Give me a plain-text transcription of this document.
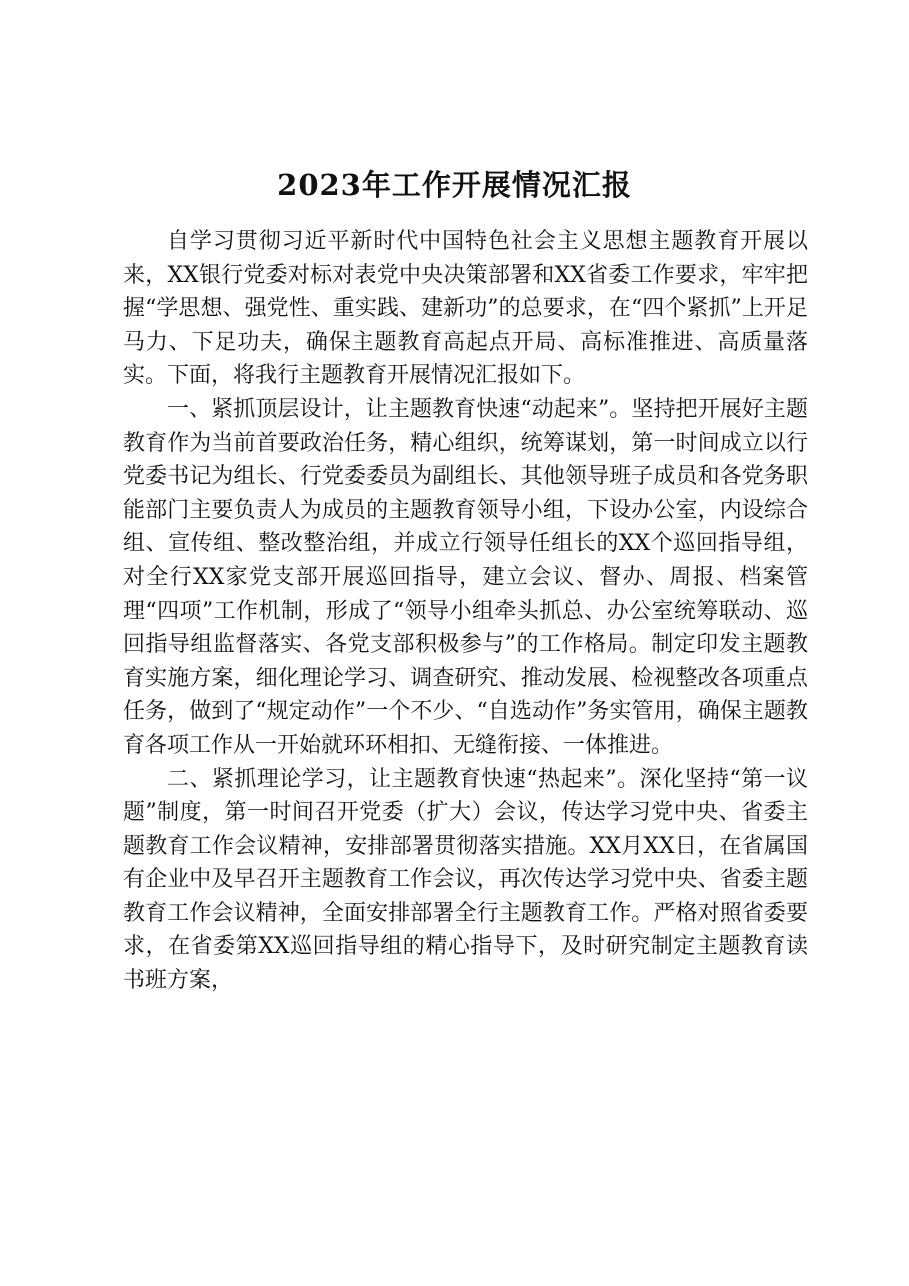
2023年工作开展情况汇报

自学习贯彻习近平新时代中国特色社会主义思想主题教育开展以来，XX银行党委对标对表党中央决策部署和XX省委工作要求，牢牢把握“学思想、强党性、重实践、建新功”的总要求，在“四个紧抓”上开足马力、下足功夫，确保主题教育高起点开局、高标准推进、高质量落实。下面，将我行主题教育开展情况汇报如下。

一、紧抓顶层设计，让主题教育快速“动起来”。坚持把开展好主题教育作为当前首要政治任务，精心组织，统筹谋划，第一时间成立以行党委书记为组长、行党委委员为副组长、其他领导班子成员和各党务职能部门主要负责人为成员的主题教育领导小组，下设办公室，内设综合组、宣传组、整改整治组，并成立行领导任组长的XX个巡回指导组，对全行XX家党支部开展巡回指导，建立会议、督办、周报、档案管理“四项”工作机制，形成了“领导小组牵头抓总、办公室统筹联动、巡回指导组监督落实、各党支部积极参与”的工作格局。制定印发主题教育实施方案，细化理论学习、调查研究、推动发展、检视整改各项重点任务，做到了“规定动作”一个不少、“自选动作”务实管用，确保主题教育各项工作从一开始就环环相扣、无缝衔接、一体推进。

二、紧抓理论学习，让主题教育快速“热起来”。深化坚持“第一议题”制度，第一时间召开党委（扩大）会议，传达学习党中央、省委主题教育工作会议精神，安排部署贯彻落实措施。XX月XX日，在省属国有企业中及早召开主题教育工作会议，再次传达学习党中央、省委主题教育工作会议精神，全面安排部署全行主题教育工作。严格对照省委要求，在省委第XX巡回指导组的精心指导下，及时研究制定主题教育读书班方案，
